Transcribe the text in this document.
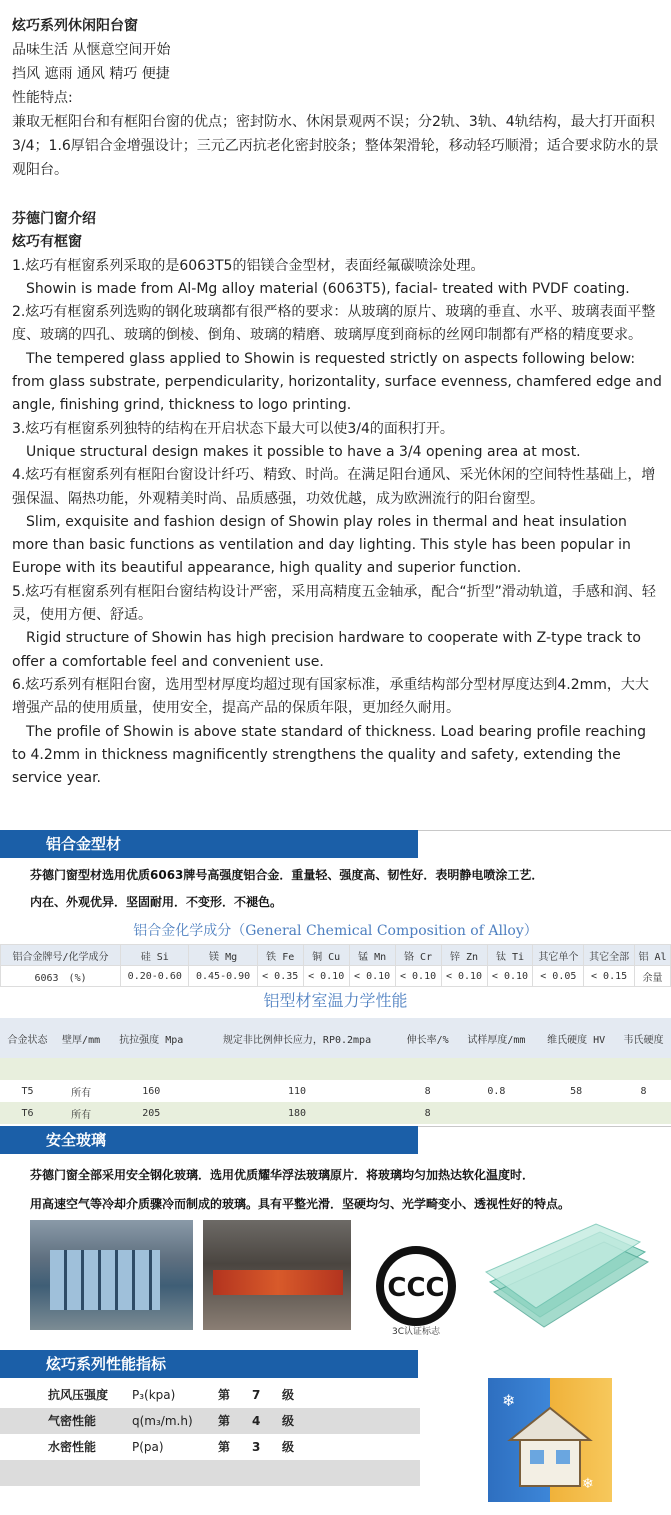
炫巧系列休闲阳台窗

品味生活 从惬意空间开始

挡风 遮雨 通风 精巧 便捷

性能特点:

兼取无框阳台和有框阳台窗的优点；密封防水、休闲景观两不误；分2轨、3轨、4轨结构，最大打开面积3/4；1.6厚铝合金增强设计；三元乙丙抗老化密封胶条；整体架滑轮，移动轻巧顺滑；适合要求防水的景观阳台。

芬德门窗介绍

炫巧有框窗

1.炫巧有框窗系列采取的是6063T5的铝镁合金型材，表面经氟碳喷涂处理。

Showin is made from Al-Mg alloy material (6063T5), facial- treated with PVDF coating.

2.炫巧有框窗系列选购的钢化玻璃都有很严格的要求：从玻璃的原片、玻璃的垂直、水平、玻璃表面平整度、玻璃的四孔、玻璃的倒棱、倒角、玻璃的精磨、玻璃厚度到商标的丝网印制都有严格的精度要求。

The tempered glass applied to Showin is requested strictly on aspects following below: from glass substrate, perpendicularity, horizontality, surface evenness, chamfered edge and angle, finishing grind, thickness to logo printing.

3.炫巧有框窗系列独特的结构在开启状态下最大可以使3/4的面积打开。

Unique structural design makes it possible to have a 3/4 opening area at most.

4.炫巧有框窗系列有框阳台窗设计纤巧、精致、时尚。在满足阳台通风、采光休闲的空间特性基础上，增强保温、隔热功能，外观精美时尚、品质感强，功效优越，成为欧洲流行的阳台窗型。

Slim, exquisite and fashion design of Showin play roles in thermal and heat insulation more than basic functions as ventilation and day lighting. This style has been popular in Europe with its beautiful appearance, high quality and superior function.

5.炫巧有框窗系列有框阳台窗结构设计严密，采用高精度五金轴承，配合“折型”滑动轨道，手感和润、轻灵，使用方便、舒适。

Rigid structure of Showin has high precision hardware to cooperate with Z-type track to offer a comfortable feel and convenient use.

6.炫巧系列有框阳台窗，选用型材厚度均超过现有国家标准，承重结构部分型材厚度达到4.2mm，大大增强产品的使用质量，使用安全，提高产品的保质年限，更加经久耐用。

The profile of Showin is above state standard of thickness. Load bearing profile reaching to 4.2mm in thickness magnificently strengthens the quality and safety, extending the service year.

铝合金型材
芬德门窗型材选用优质6063牌号高强度铝合金．重量轻、强度高、韧性好．表明静电喷涂工艺．
内在、外观优异．坚固耐用．不变形．不褪色。
铝合金化学成分（General Chemical Composition of Alloy）
铝合金牌号/化学成分	硅 Si	镁 Mg	铁 Fe	铜 Cu	锰 Mn	铬 Cr	锌 Zn	钛 Ti	其它单个	其它全部	铝 Al
6063　(%)	0.20-0.60	0.45-0.90	< 0.35	< 0.10	< 0.10	< 0.10	< 0.10	< 0.10	< 0.05	< 0.15	余量
铝型材室温力学性能
合金状态	壁厚/mm	抗拉强度 Mpa	规定非比例伸长应力，RP0.2mpa	伸长率/%	试样厚度/mm	维氏硬度 HV	韦氏硬度

T5	所有	160	110	8	0.8	58	8
T6	所有	205	180	8			
安全玻璃
芬德门窗全部采用安全钢化玻璃．选用优质耀华浮法玻璃原片．将玻璃均匀加热达软化温度时．
用高速空气等冷却介质骤冷而制成的玻璃。具有平整光滑．坚硬均匀、光学畸变小、透视性好的特点。
CCC
3C认证标志
炫巧系列性能指标
抗风压强度 P₃(kpa)	第 7 级
气密性能	q(m₃/m.h) 第 4 级
水密性能	P(pa)	第 3 级
❄
❄
